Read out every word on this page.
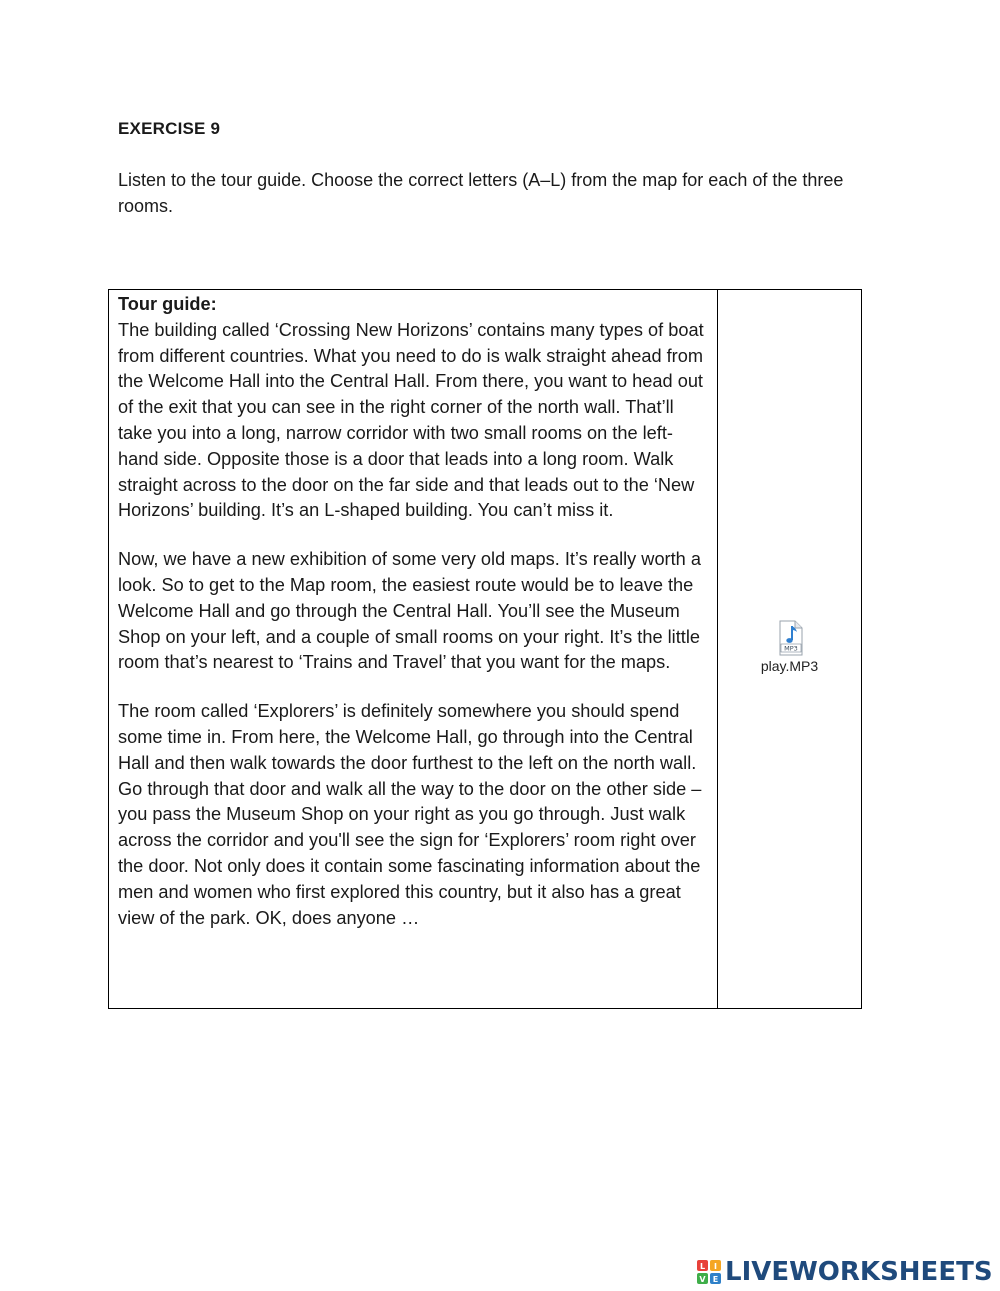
EXERCISE 9
Listen to the tour guide. Choose the correct letters (A–L) from the map for each of the three rooms.
Tour guide:

The building called ‘Crossing New Horizons’ contains many types of boat from different countries. What you need to do is walk straight ahead from the Welcome Hall into the Central Hall. From there, you want to head out of the exit that you can see in the right corner of the north wall. That’ll take you into a long, narrow corridor with two small rooms on the left-hand side. Opposite those is a door that leads into a long room. Walk straight across to the door on the far side and that leads out to the ‘New Horizons’ building. It’s an L-shaped building. You can’t miss it.

Now, we have a new exhibition of some very old maps. It’s really worth a look. So to get to the Map room, the easiest route would be to leave the Welcome Hall and go through the Central Hall. You’ll see the Museum Shop on your left, and a couple of small rooms on your right. It’s the little room that’s nearest to ‘Trains and Travel’ that you want for the maps.

The room called ‘Explorers’ is definitely somewhere you should spend some time in. From here, the Welcome Hall, go through into the Central Hall and then walk towards the door furthest to the left on the north wall. Go through that door and walk all the way to the door on the other side – you pass the Museum Shop on your right as you go through. Just walk across the corridor and you'll see the sign for ‘Explorers’ room right over the door. Not only does it contain some fascinating information about the men and women who first explored this country, but it also has a great view of the park. OK, does anyone …

MP3
play.MP3
L I
V E LIVEWORKSHEETS
